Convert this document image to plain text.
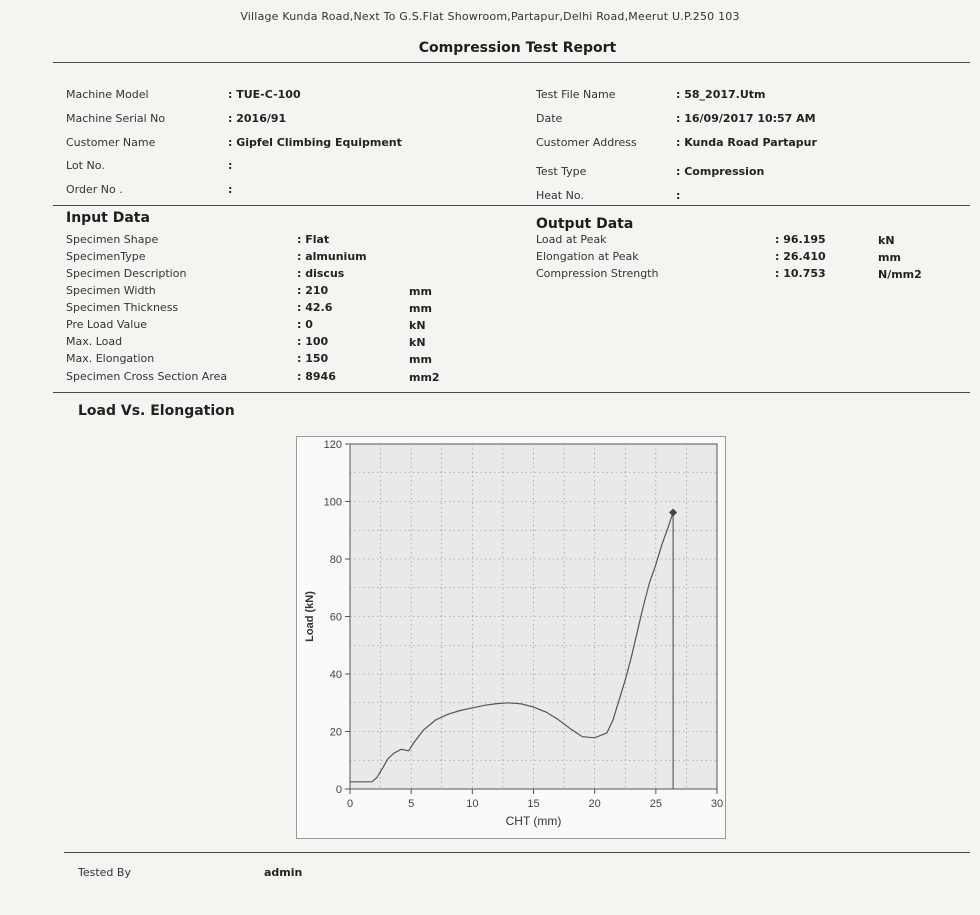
Village Kunda Road,Next To G.S.Flat Showroom,Partapur,Delhi Road,Meerut U.P.250 103
Compression Test Report
Machine Model	: TUE-C-100
Machine Serial No	: 2016/91
Customer Name	: Gipfel Climbing Equipment
Lot No.	:
Order No .	:
Test File Name	: 58_2017.Utm
Date	: 16/09/2017 10:57 AM
Customer Address	: Kunda Road Partapur
Test Type	: Compression
Heat No.	:
Input Data
Specimen Shape	: Flat
SpecimenType	: almunium
Specimen Description	: discus
Specimen Width	: 210	mm
Specimen Thickness	: 42.6	mm
Pre Load Value	: 0	kN
Max. Load	: 100	kN
Max. Elongation	: 150	mm
Specimen Cross Section Area	: 8946	mm2
Output Data
Load at Peak	: 96.195	kN
Elongation at Peak	: 26.410	mm
Compression Strength	: 10.753	N/mm2
Load Vs. Elongation
0	5	10	15	20	25	30
0
20
40
60
80
100
120
CHT (mm)
Load (kN)
Tested By	admin
